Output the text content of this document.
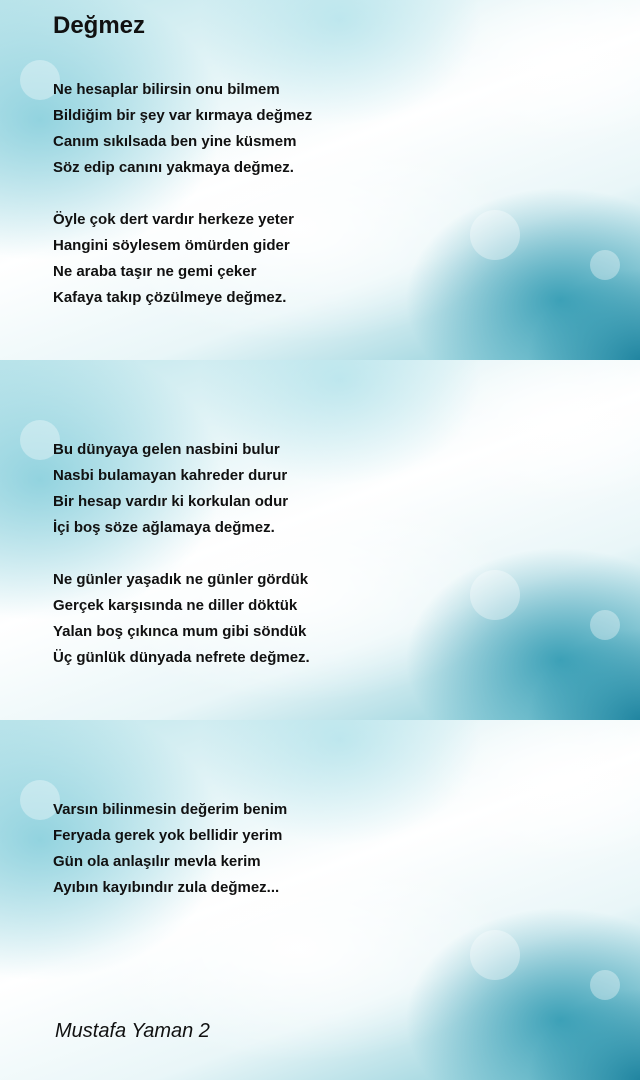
Değmez
Ne hesaplar bilirsin onu bilmem
Bildiğim bir şey var kırmaya değmez
Canım sıkılsada ben yine küsmem
Söz edip canını yakmaya değmez.
Öyle çok dert vardır herkeze yeter
Hangini söylesem ömürden gider
Ne araba taşır ne gemi çeker
Kafaya takıp çözülmeye değmez.
Bu dünyaya gelen nasbini bulur
Nasbi bulamayan kahreder durur
Bir hesap vardır ki korkulan odur
İçi boş söze ağlamaya değmez.
Ne günler yaşadık ne günler gördük
Gerçek karşısında ne diller döktük
Yalan boş çıkınca mum gibi söndük
Üç günlük dünyada nefrete değmez.
Varsın bilinmesin değerim benim
Feryada gerek yok bellidir yerim
Gün ola anlaşılır mevla kerim
Ayıbın kayıbındır zula değmez...
Mustafa Yaman 2
